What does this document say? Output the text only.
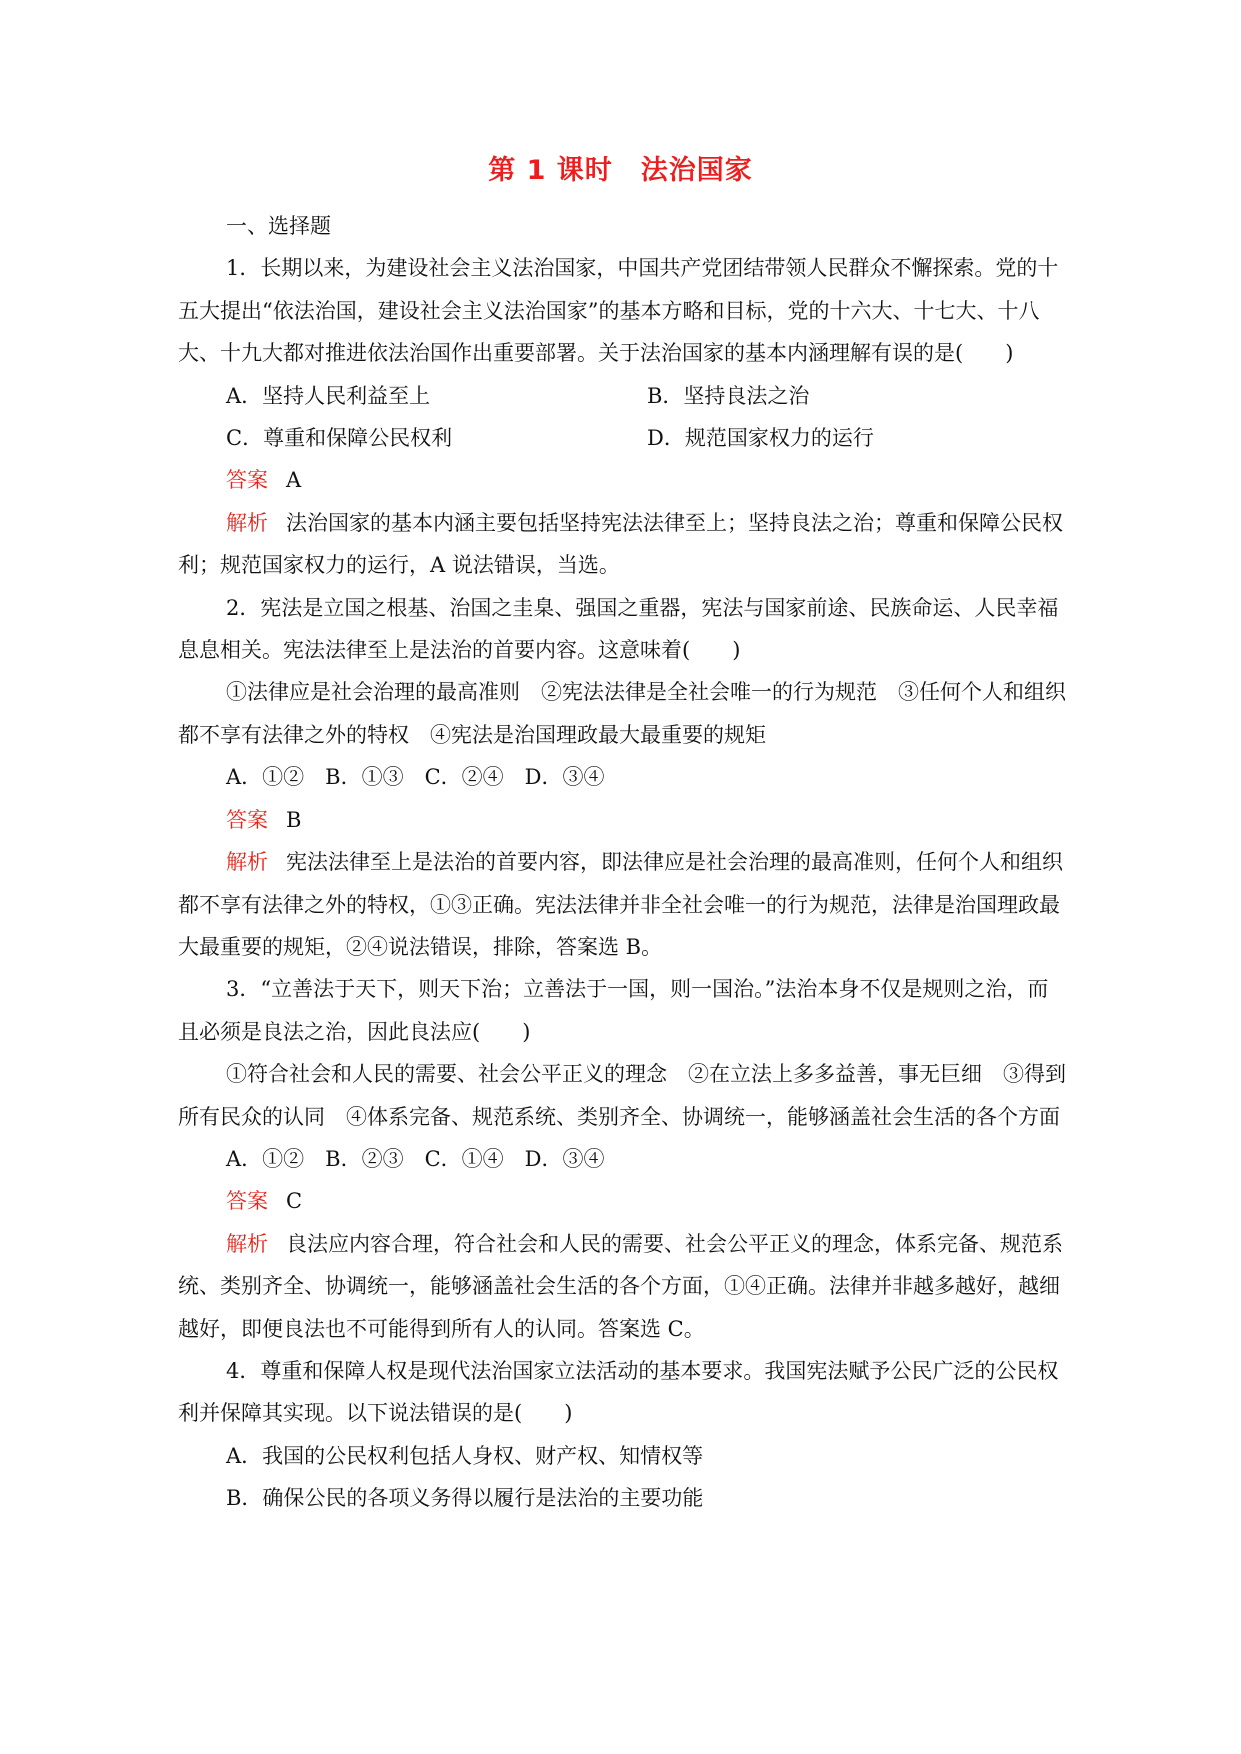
第 1 课时　法治国家

一、选择题

1．长期以来，为建设社会主义法治国家，中国共产党团结带领人民群众不懈探索。党的十五大提出“依法治国，建设社会主义法治国家”的基本方略和目标，党的十六大、十七大、十八大、十九大都对推进依法治国作出重要部署。关于法治国家的基本内涵理解有误的是(　　)

A．坚持人民利益至上	B．坚持良法之治
C．尊重和保障公民权利	D．规范国家权力的运行

答案 A

解析 法治国家的基本内涵主要包括坚持宪法法律至上；坚持良法之治；尊重和保障公民权利；规范国家权力的运行，A 说法错误，当选。

2．宪法是立国之根基、治国之圭臬、强国之重器，宪法与国家前途、民族命运、人民幸福息息相关。宪法法律至上是法治的首要内容。这意味着(　　)

①法律应是社会治理的最高准则　②宪法法律是全社会唯一的行为规范　③任何个人和组织都不享有法律之外的特权　④宪法是治国理政最大最重要的规矩

A．①②　B．①③　C．②④　D．③④

答案 B

解析 宪法法律至上是法治的首要内容，即法律应是社会治理的最高准则，任何个人和组织都不享有法律之外的特权，①③正确。宪法法律并非全社会唯一的行为规范，法律是治国理政最大最重要的规矩，②④说法错误，排除，答案选 B。

3．“立善法于天下，则天下治；立善法于一国，则一国治。”法治本身不仅是规则之治，而且必须是良法之治，因此良法应(　　)

①符合社会和人民的需要、社会公平正义的理念　②在立法上多多益善，事无巨细　③得到所有民众的认同　④体系完备、规范系统、类别齐全、协调统一，能够涵盖社会生活的各个方面

A．①②　B．②③　C．①④　D．③④

答案 C

解析 良法应内容合理，符合社会和人民的需要、社会公平正义的理念，体系完备、规范系统、类别齐全、协调统一，能够涵盖社会生活的各个方面，①④正确。法律并非越多越好，越细越好，即便良法也不可能得到所有人的认同。答案选 C。

4．尊重和保障人权是现代法治国家立法活动的基本要求。我国宪法赋予公民广泛的公民权利并保障其实现。以下说法错误的是(　　)

A．我国的公民权利包括人身权、财产权、知情权等

B．确保公民的各项义务得以履行是法治的主要功能
